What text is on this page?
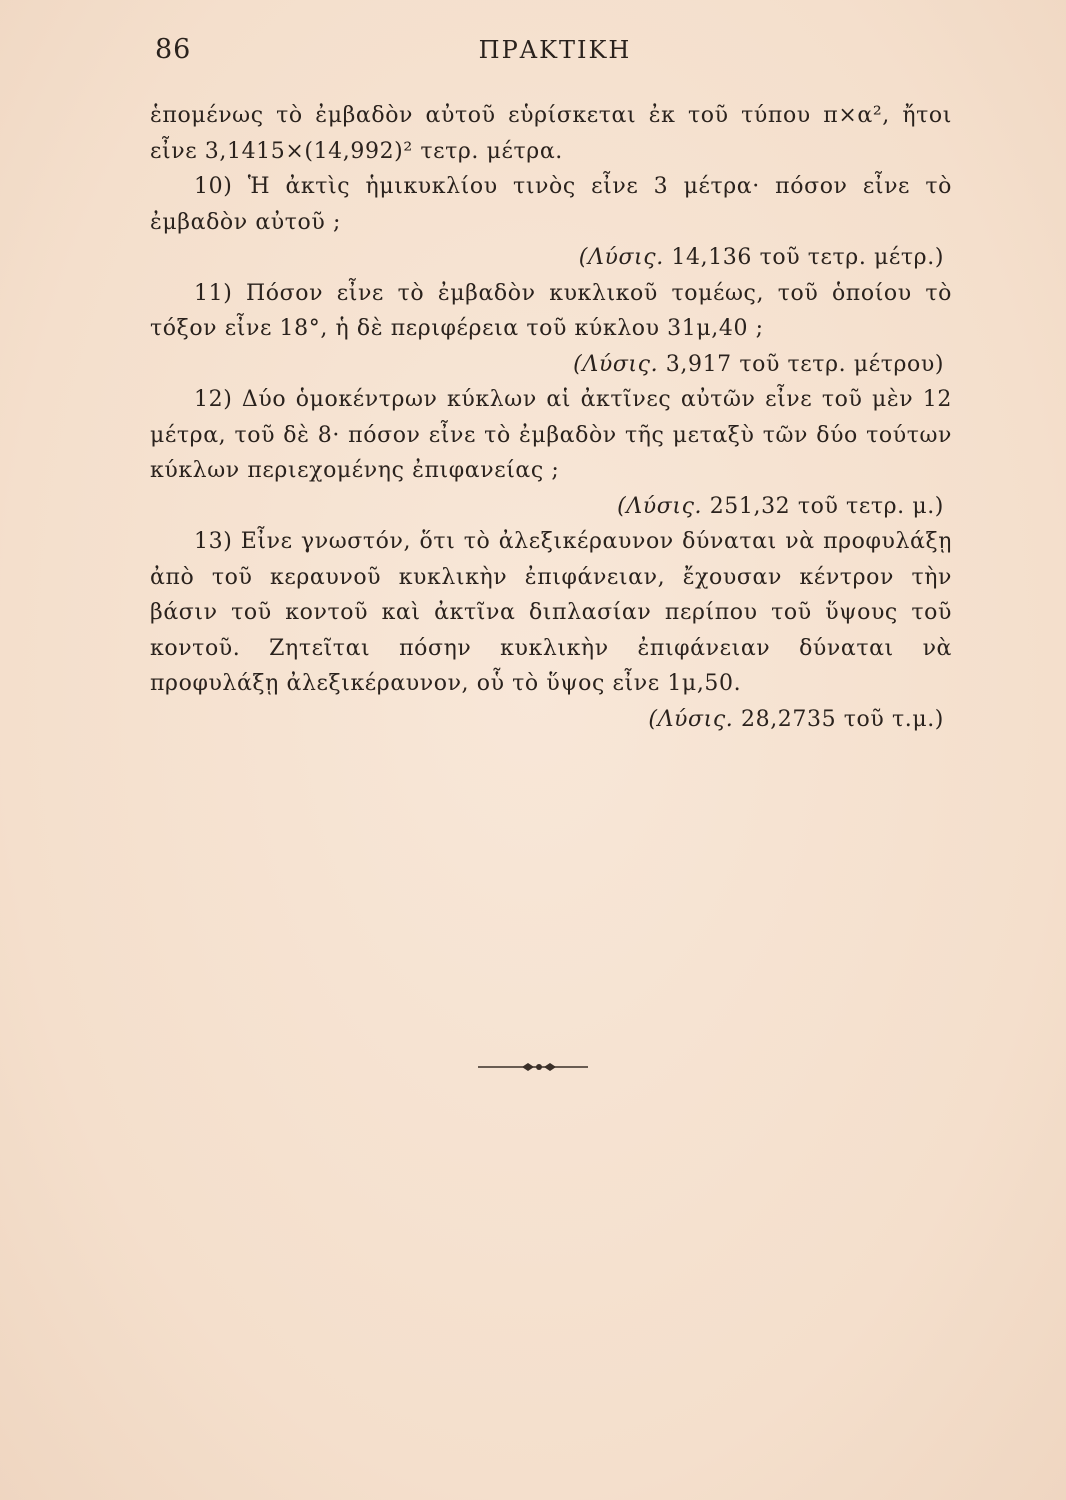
86	ΠΡΑΚΤΙΚΗ

ἑπομένως τὸ ἐμβαδὸν αὐτοῦ εὑρίσκεται ἐκ τοῦ τύπου π×α², ἤτοι εἶνε 3,1415×(14,992)² τετρ. μέτρα.

10) Ἡ ἀκτὶς ἡμικυκλίου τινὸς εἶνε 3 μέτρα· πόσον εἶνε τὸ ἐμβαδὸν αὐτοῦ ;

(Λύσις. 14,136 τοῦ τετρ. μέτρ.)

11) Πόσον εἶνε τὸ ἐμβαδὸν κυκλικοῦ τομέως, τοῦ ὁποίου τὸ τόξον εἶνε 18°, ἡ δὲ περιφέρεια τοῦ κύκλου 31μ,40 ;

(Λύσις. 3,917 τοῦ τετρ. μέτρου)

12) Δύο ὁμοκέντρων κύκλων αἱ ἀκτῖνες αὐτῶν εἶνε τοῦ μὲν 12 μέτρα, τοῦ δὲ 8· πόσον εἶνε τὸ ἐμβαδὸν τῆς μεταξὺ τῶν δύο τούτων κύκλων περιεχομένης ἐπιφανείας ;

(Λύσις. 251,32 τοῦ τετρ. μ.)

13) Εἶνε γνωστόν, ὅτι τὸ ἀλεξικέραυνον δύναται νὰ προφυλάξῃ ἀπὸ τοῦ κεραυνοῦ κυκλικὴν ἐπιφάνειαν, ἔχουσαν κέντρον τὴν βάσιν τοῦ κοντοῦ καὶ ἀκτῖνα διπλασίαν περίπου τοῦ ὕψους τοῦ κοντοῦ. Ζητεῖται πόσην κυκλικὴν ἐπιφάνειαν δύναται νὰ προφυλάξῃ ἀλεξικέραυνον, οὗ τὸ ὕψος εἶνε 1μ,50.

(Λύσις. 28,2735 τοῦ τ.μ.)
